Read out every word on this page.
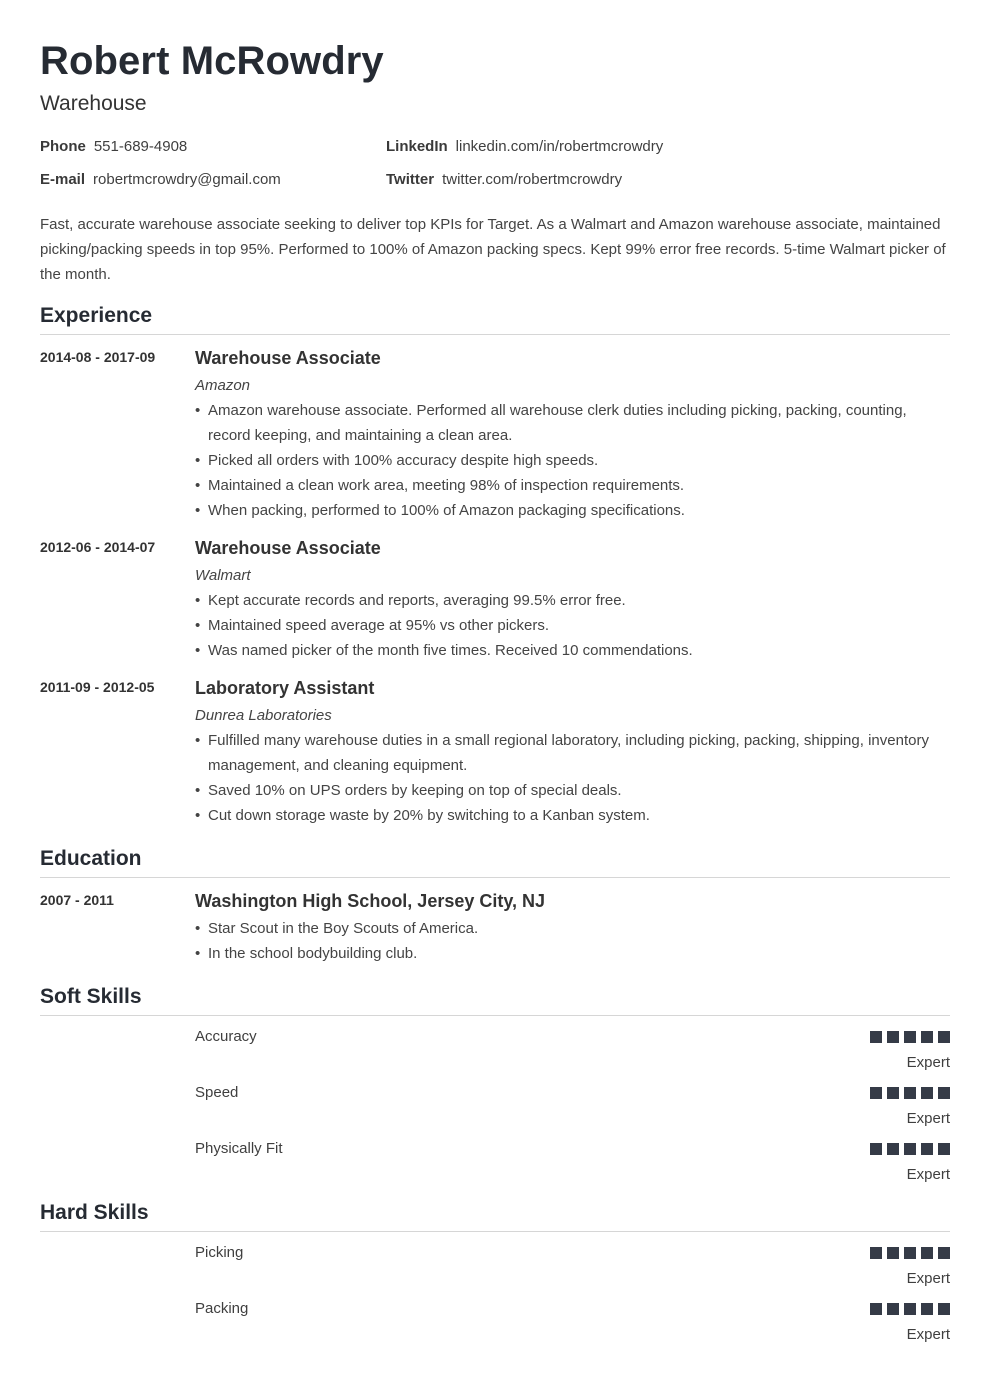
Robert McRowdry
Warehouse
Phone 551-689-4908	LinkedIn linkedin.com/in/robertmcrowdry
E-mail robertmcrowdry@gmail.com	Twitter twitter.com/robertmcrowdry
Fast, accurate warehouse associate seeking to deliver top KPIs for Target. As a Walmart and Amazon warehouse associate, maintained picking/packing speeds in top 95%. Performed to 100% of Amazon packing specs. Kept 99% error free records. 5-time Walmart picker of the month.
Experience
2014-08 - 2017-09 Warehouse Associate
Amazon
• Amazon warehouse associate. Performed all warehouse clerk duties including picking, packing, counting, record keeping, and maintaining a clean area.
• Picked all orders with 100% accuracy despite high speeds.
• Maintained a clean work area, meeting 98% of inspection requirements.
• When packing, performed to 100% of Amazon packaging specifications.
2012-06 - 2014-07 Warehouse Associate
Walmart
• Kept accurate records and reports, averaging 99.5% error free.
• Maintained speed average at 95% vs other pickers.
• Was named picker of the month five times. Received 10 commendations.
2011-09 - 2012-05 Laboratory Assistant
Dunrea Laboratories
• Fulfilled many warehouse duties in a small regional laboratory, including picking, packing, shipping, inventory management, and cleaning equipment.
• Saved 10% on UPS orders by keeping on top of special deals.
• Cut down storage waste by 20% by switching to a Kanban system.
Education
2007 - 2011	Washington High School, Jersey City, NJ
• Star Scout in the Boy Scouts of America.
• In the school bodybuilding club.
Soft Skills
Accuracy
Expert
Speed
Expert
Physically Fit
Expert
Hard Skills
Picking
Expert
Packing
Expert
